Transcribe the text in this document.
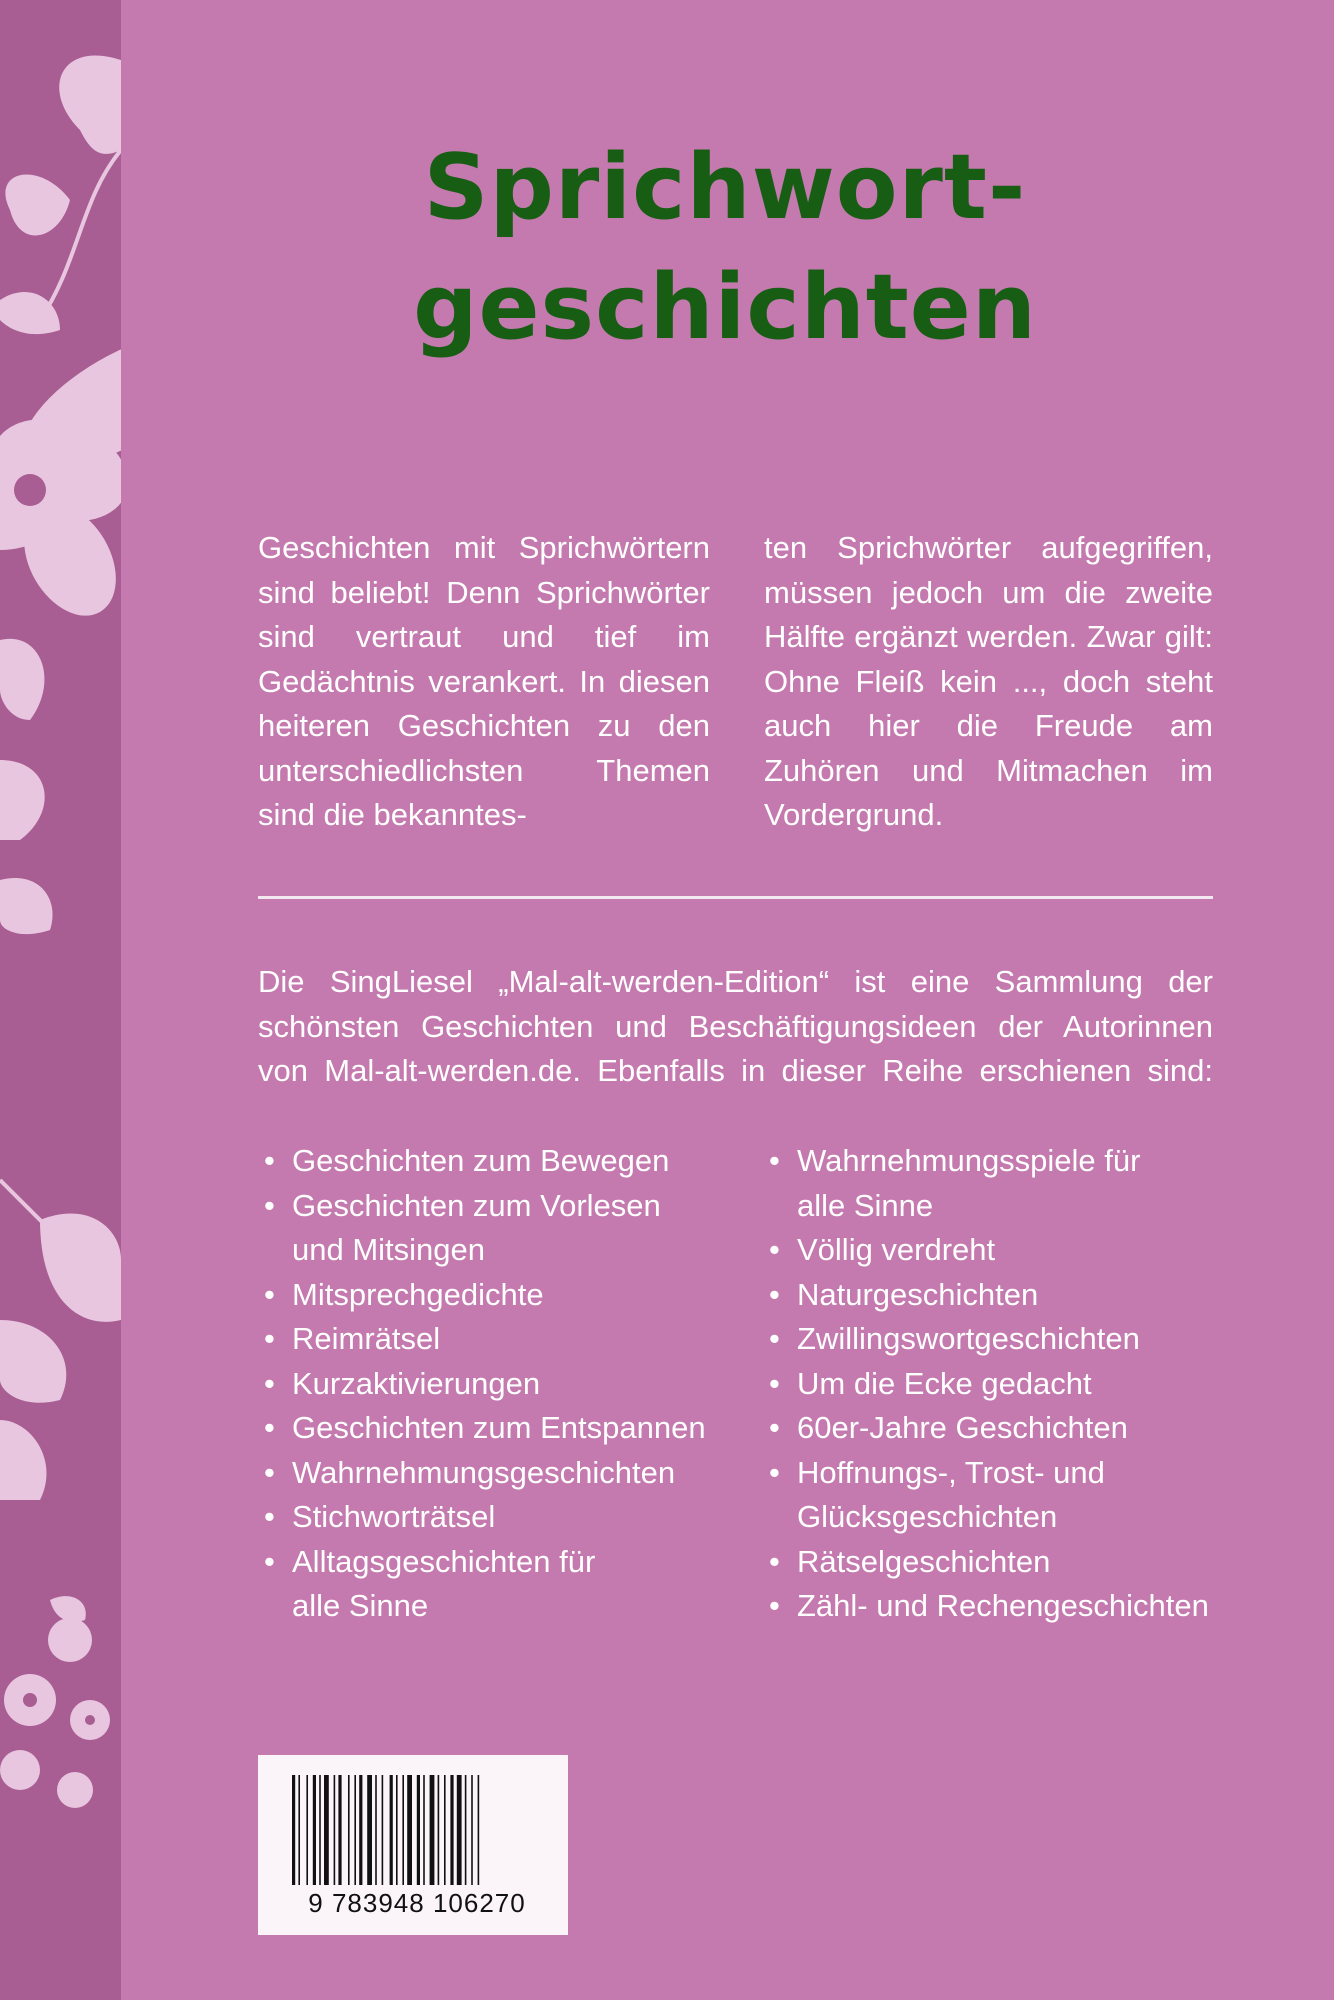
Sprichwort-
geschichten
Geschichten mit Sprichwörtern sind beliebt! Denn Sprichwörter sind vertraut und tief im Gedächtnis verankert. In diesen heiteren Geschichten zu den unterschiedlichsten Themen sind die bekanntes-
ten Sprichwörter aufgegriffen, müssen jedoch um die zweite Hälfte ergänzt werden. Zwar gilt: Ohne Fleiß kein ..., doch steht auch hier die Freude am Zuhören und Mitmachen im Vordergrund.
Die SingLiesel „Mal-alt-werden-Edition“ ist eine Sammlung der
schönsten Geschichten und Beschäftigungsideen der Autorinnen
von Mal-alt-werden.de. Ebenfalls in dieser Reihe erschienen sind:
• Geschichten zum Bewegen
• Geschichten zum Vorlesen
und Mitsingen
• Mitsprechgedichte
• Reimrätsel
• Kurzaktivierungen
• Geschichten zum Entspannen
• Wahrnehmungsgeschichten
• Stichworträtsel
• Alltagsgeschichten für
alle Sinne
• Wahrnehmungsspiele für
alle Sinne
• Völlig verdreht
• Naturgeschichten
• Zwillingswortgeschichten
• Um die Ecke gedacht
• 60er-Jahre Geschichten
• Hoffnungs-, Trost- und
Glücksgeschichten
• Rätselgeschichten
• Zähl- und Rechengeschichten
9 783948 106270
